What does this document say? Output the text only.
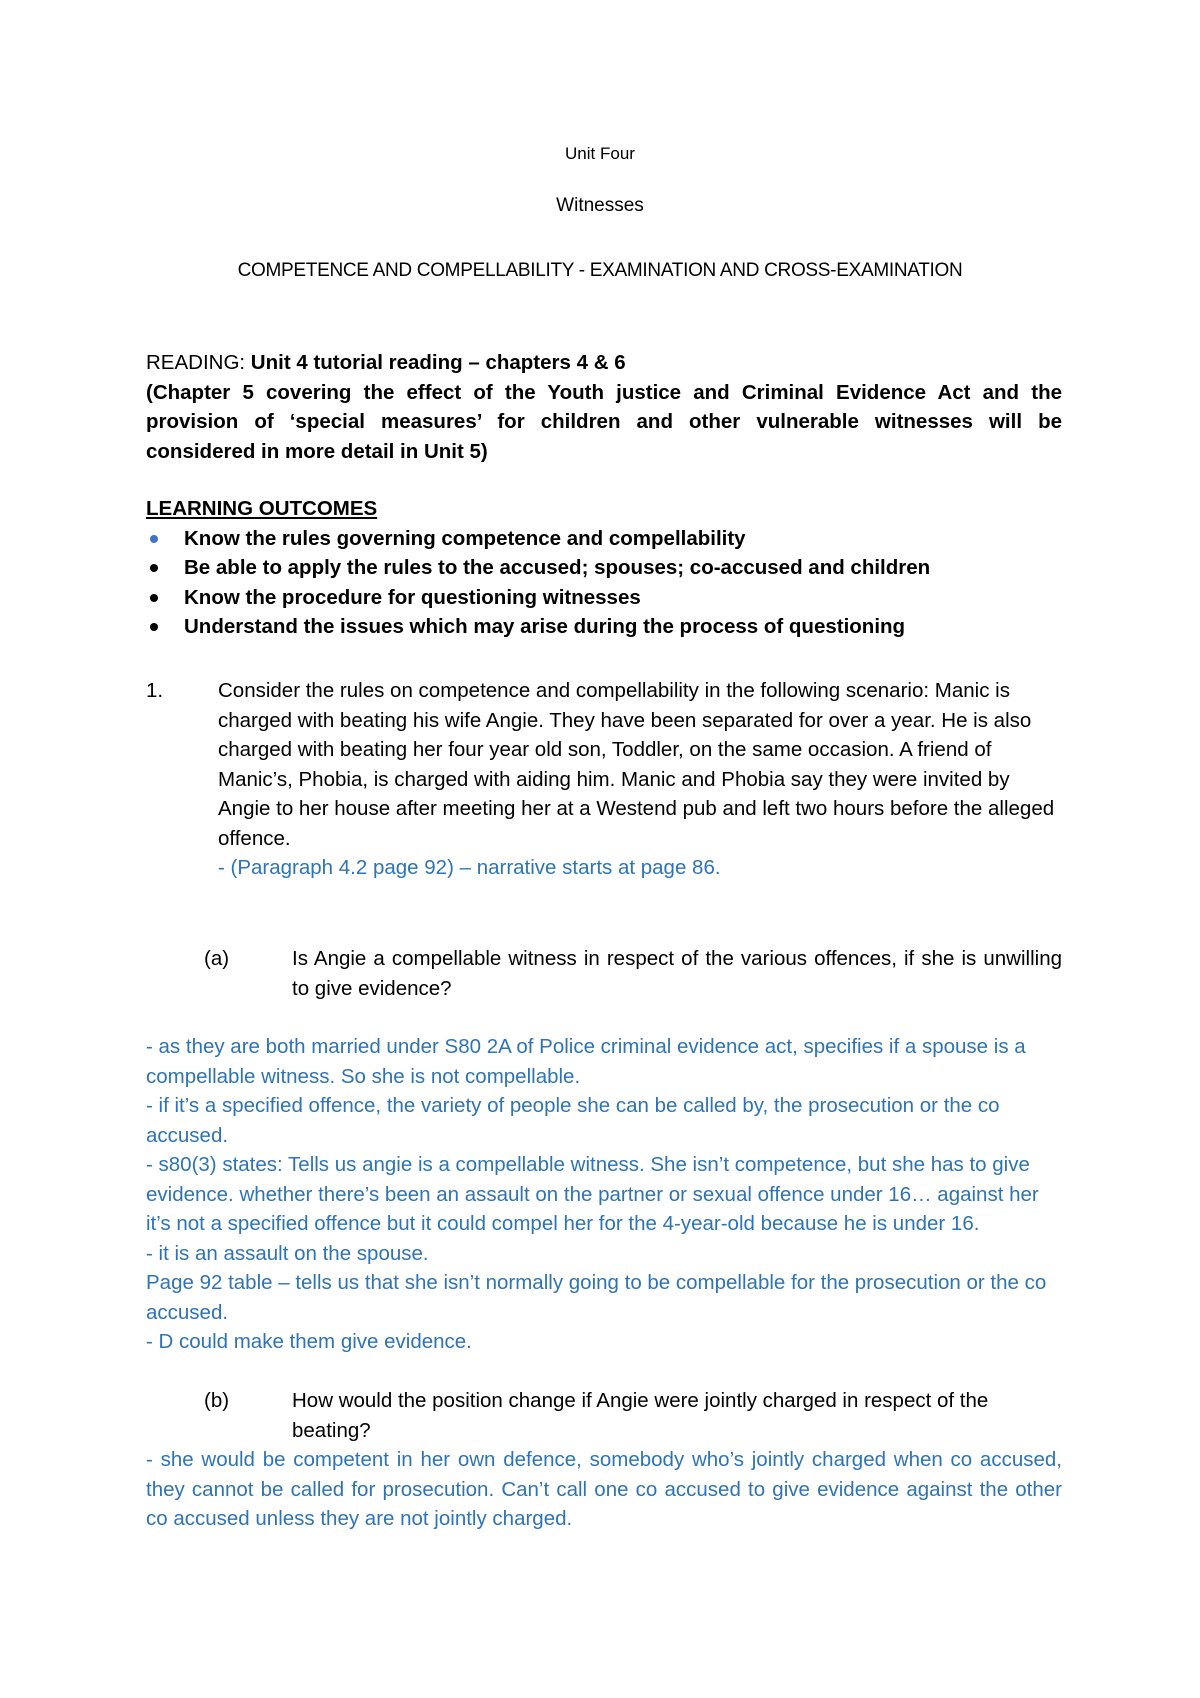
Unit Four
Witnesses
COMPETENCE AND COMPELLABILITY - EXAMINATION AND CROSS-EXAMINATION
READING: Unit 4 tutorial reading – chapters 4 & 6
(Chapter 5 covering the effect of the Youth justice and Criminal Evidence Act and the provision of ‘special measures’ for children and other vulnerable witnesses will be considered in more detail in Unit 5)
LEARNING OUTCOMES
Know the rules governing competence and compellability
Be able to apply the rules to the accused; spouses; co-accused and children
Know the procedure for questioning witnesses
Understand the issues which may arise during the process of questioning
1.	Consider the rules on competence and compellability in the following scenario: Manic is charged with beating his wife Angie. They have been separated for over a year. He is also charged with beating her four year old son, Toddler, on the same occasion. A friend of Manic’s, Phobia, is charged with aiding him. Manic and Phobia say they were invited by Angie to her house after meeting her at a Westend pub and left two hours before the alleged offence.
- (Paragraph 4.2 page 92) – narrative starts at page 86.
(a)	Is Angie a compellable witness in respect of the various offences, if she is unwilling to give evidence?
- as they are both married under S80 2A of Police criminal evidence act, specifies if a spouse is a compellable witness. So she is not compellable.
- if it’s a specified offence, the variety of people she can be called by, the prosecution or the co accused.
- s80(3) states: Tells us angie is a compellable witness. She isn’t competence, but she has to give evidence. whether there’s been an assault on the partner or sexual offence under 16… against her it’s not a specified offence but it could compel her for the 4-year-old because he is under 16.
- it is an assault on the spouse.
Page 92 table – tells us that she isn’t normally going to be compellable for the prosecution or the co accused.
- D could make them give evidence.
(b)	How would the position change if Angie were jointly charged in respect of the beating?
- she would be competent in her own defence, somebody who’s jointly charged when co accused, they cannot be called for prosecution. Can’t call one co accused to give evidence against the other co accused unless they are not jointly charged.
